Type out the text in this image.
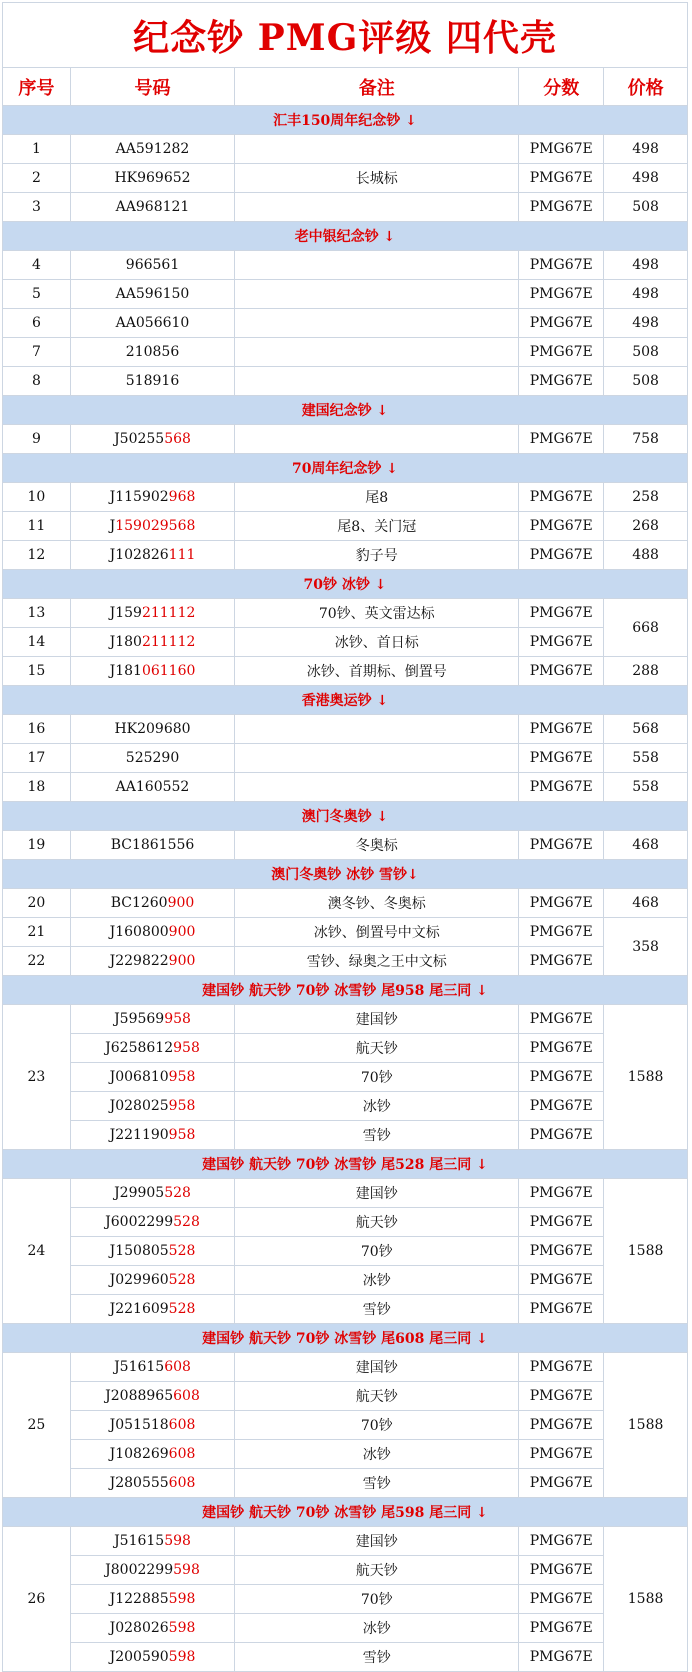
纪念钞 PMG评级 四代壳				
序号	号码	备注	分数	价格
汇丰150周年纪念钞 ↓				
1	AA591282		PMG67E	498
2	HK969652	长城标	PMG67E	498
3	AA968121		PMG67E	508
老中银纪念钞 ↓				
4	966561		PMG67E	498
5	AA596150		PMG67E	498
6	AA056610		PMG67E	498
7	210856		PMG67E	508
8	518916		PMG67E	508
建国纪念钞 ↓				
9	J50255568		PMG67E	758
70周年纪念钞 ↓				
10	J115902968	尾8	PMG67E	258
11	J159029568	尾8、关门冠	PMG67E	268
12	J102826111	豹子号	PMG67E	488
70钞 冰钞 ↓				
13	J159211112	70钞、英文雷达标	PMG67E	668
14	J180211112	冰钞、首日标	PMG67E	
15	J181061160	冰钞、首期标、倒置号	PMG67E	288
香港奥运钞 ↓				
16	HK209680		PMG67E	568
17	525290		PMG67E	558
18	AA160552		PMG67E	558
澳门冬奥钞 ↓				
19	BC1861556	冬奥标	PMG67E	468
澳门冬奥钞 冰钞 雪钞↓				
20	BC1260900	澳冬钞、冬奥标	PMG67E	468
21	J160800900	冰钞、倒置号中文标	PMG67E	358
22	J229822900	雪钞、绿奥之王中文标	PMG67E	
建国钞 航天钞 70钞 冰雪钞 尾958 尾三同 ↓				
23	J59569958	建国钞	PMG67E	1588
	J6258612958	航天钞	PMG67E	
	J006810958	70钞	PMG67E	
	J028025958	冰钞	PMG67E	
	J221190958	雪钞	PMG67E	
建国钞 航天钞 70钞 冰雪钞 尾528 尾三同 ↓				
24	J29905528	建国钞	PMG67E	1588
	J6002299528	航天钞	PMG67E	
	J150805528	70钞	PMG67E	
	J029960528	冰钞	PMG67E	
	J221609528	雪钞	PMG67E	
建国钞 航天钞 70钞 冰雪钞 尾608 尾三同 ↓				
25	J51615608	建国钞	PMG67E	1588
	J2088965608	航天钞	PMG67E	
	J051518608	70钞	PMG67E	
	J108269608	冰钞	PMG67E	
	J280555608	雪钞	PMG67E	
建国钞 航天钞 70钞 冰雪钞 尾598 尾三同 ↓				
26	J51615598	建国钞	PMG67E	1588
	J8002299598	航天钞	PMG67E	
	J122885598	70钞	PMG67E	
	J028026598	冰钞	PMG67E	
	J200590598	雪钞	PMG67E	
